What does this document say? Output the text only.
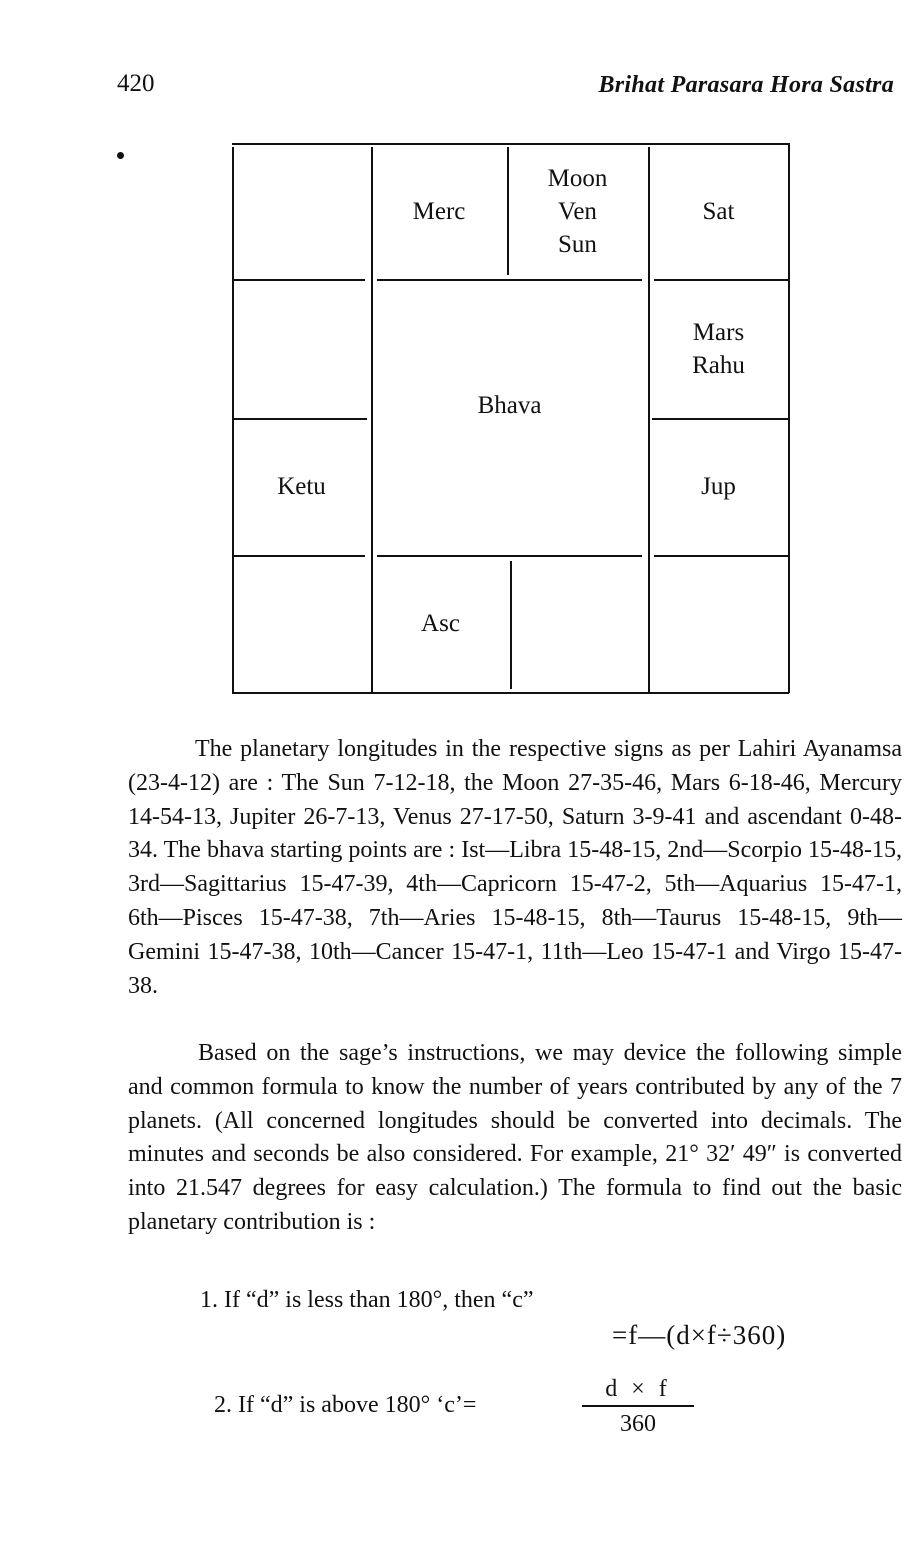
420	Brihat Parasara Hora Sastra
Merc
Moon
Ven
Sun
Sat
Ketu
Bhava
Mars
Rahu
Jup
Asc

The planetary longitudes in the respective signs as per Lahiri Ayanamsa (23-4-12) are : The Sun 7-12-18, the Moon 27-35-46, Mars 6-18-46, Mercury 14-54-13, Jupiter 26-7-13, Venus 27-17-50, Saturn 3-9-41 and ascendant 0-48-34. The bhava starting points are : Ist—Libra 15-48-15, 2nd—Scorpio 15-48-15, 3rd—Sagittarius 15-47-39, 4th—Capricorn 15-47-2, 5th—Aquarius 15-47-1, 6th—Pisces 15-47-38, 7th—Aries 15-48-15, 8th—Taurus 15-48-15, 9th—Gemini 15-47-38, 10th—Cancer 15-47-1, 11th—Leo 15-47-1 and Virgo 15-47-38.

Based on the sage’s instructions, we may device the following simple and common formula to know the number of years contributed by any of the 7 planets. (All concerned longitudes should be converted into decimals. The minutes and seconds be also considered. For example, 21° 32′ 49″ is converted into 21.547 degrees for easy calculation.) The formula to find out the basic planetary contribution is :

1. If “d” is less than 180°, then “c”
=f—(d×f÷360)
2. If “d” is above 180° ‘c’=
d × f
360
